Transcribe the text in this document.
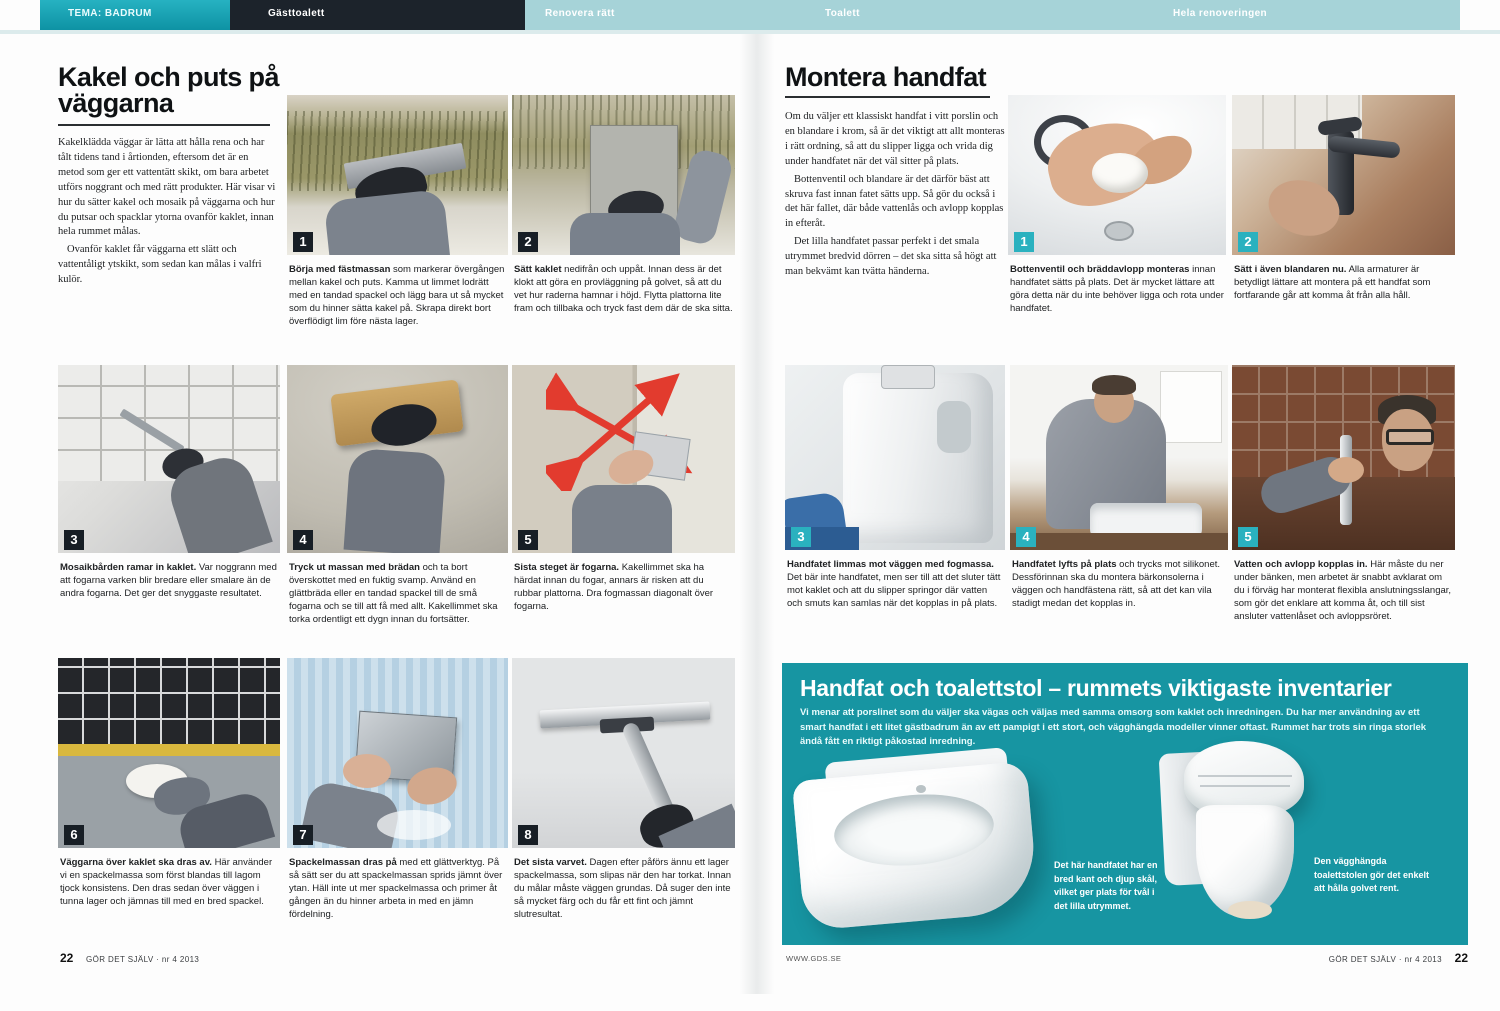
TEMA: BADRUM	Gästtoalett	Renovera rätt	Toalett	Hela renoveringen
Kakel och puts på väggarna

Kakelklädda väggar är lätta att hålla rena och har tålt tidens tand i årtionden, eftersom det är en metod som ger ett vattentätt skikt, om bara arbetet utförs noggrant och med rätt produkter. Här visar vi hur du sätter kakel och mosaik på väggarna och hur du putsar och spacklar ytorna ovanför kaklet, innan hela rummet målas.

Ovanför kaklet får väggarna ett slätt och vattentåligt ytskikt, som sedan kan målas i valfri kulör.

1

Börja med fästmassan som markerar övergången mellan kakel och puts. Kamma ut limmet lodrätt med en tandad spackel och lägg bara ut så mycket som du hinner sätta kakel på. Skrapa direkt bort överflödigt lim före nästa lager.

2

Sätt kaklet nedifrån och uppåt. Innan dess är det klokt att göra en provläggning på golvet, så att du vet hur raderna hamnar i höjd. Flytta plattorna lite fram och tillbaka och tryck fast dem där de ska sitta.

3

Mosaikbården ramar in kaklet. Var noggrann med att fogarna varken blir bredare eller smalare än de andra fogarna. Det ger det snyggaste resultatet.

4

Tryck ut massan med brädan och ta bort överskottet med en fuktig svamp. Använd en glättbräda eller en tandad spackel till de små fogarna och se till att få med allt. Kakellimmet ska torka ordentligt ett dygn innan du fortsätter.

5

Sista steget är fogarna. Kakellimmet ska ha härdat innan du fogar, annars är risken att du rubbar plattorna. Dra fogmassan diagonalt över fogarna.

6

Väggarna över kaklet ska dras av. Här använder vi en spackelmassa som först blandas till lagom tjock konsistens. Den dras sedan över väggen i tunna lager och jämnas till med en bred spackel.

7

Spackelmassan dras på med ett glättverktyg. På så sätt ser du att spackelmassan sprids jämnt över ytan. Häll inte ut mer spackelmassa och primer åt gången än du hinner arbeta in med en jämn fördelning.

8

Det sista varvet. Dagen efter påförs ännu ett lager spackelmassa, som slipas när den har torkat. Innan du målar måste väggen grundas. Då suger den inte så mycket färg och du får ett fint och jämnt slutresultat.

Montera handfat

Om du väljer ett klassiskt handfat i vitt porslin och en blandare i krom, så är det viktigt att allt monteras i rätt ordning, så att du slipper ligga och vrida dig under handfatet när det väl sitter på plats.

Bottenventil och blandare är det därför bäst att skruva fast innan fatet sätts upp. Så gör du också i det här fallet, där både vattenlås och avlopp kopplas in efteråt.

Det lilla handfatet passar perfekt i det smala utrymmet bredvid dörren – det ska sitta så högt att man bekvämt kan tvätta händerna.

1

Bottenventil och bräddavlopp monteras innan handfatet sätts på plats. Det är mycket lättare att göra detta när du inte behöver ligga och rota under handfatet.

2

Sätt i även blandaren nu. Alla armaturer är betydligt lättare att montera på ett handfat som fortfarande går att komma åt från alla håll.

3

Handfatet limmas mot väggen med fogmassa. Det bär inte handfatet, men ser till att det sluter tätt mot kaklet och att du slipper springor där vatten och smuts kan samlas när det kopplas in på plats.

4

Handfatet lyfts på plats och trycks mot silikonet. Dessförinnan ska du montera bärkonsolerna i väggen och handfästena rätt, så att det kan vila stadigt medan det kopplas in.

5

Vatten och avlopp kopplas in. Här måste du ner under bänken, men arbetet är snabbt avklarat om du i förväg har monterat flexibla anslutningsslangar, som gör det enklare att komma åt, och till sist ansluter vattenlåset och avloppsröret.

Handfat och toalettstol – rummets viktigaste inventarier

Vi menar att porslinet som du väljer ska vägas och väljas med samma omsorg som kaklet och inredningen. Du har mer användning av ett smart handfat i ett litet gästbadrum än av ett pampigt i ett stort, och vägghängda modeller vinner oftast. Rummet har trots sin ringa storlek ändå fått en riktigt påkostad inredning.

Det här handfatet har en bred kant och djup skål, vilket ger plats för tvål i det lilla utrymmet.
Den vägghängda toalettstolen gör det enkelt att hålla golvet rent.
22 GÖR DET SJÄLV · nr 4 2013	WWW.GDS.SE	GÖR DET SJÄLV · nr 4 2013 22
